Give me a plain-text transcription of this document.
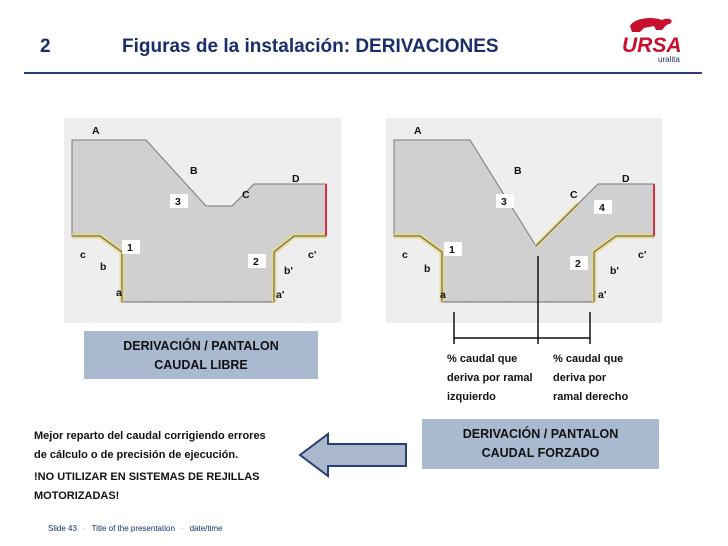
2	Figuras de la instalación: DERIVACIONES	URSA
uralita
A
B
C
D
c
b
a
c'
b'
a'
1
2
3
DERIVACIÓN / PANTALON
CAUDAL LIBRE
A
B
C
D
c
b
a
c'
b'
a'
1
2
3	4
% caudal que
deriva por ramal
izquierdo
% caudal que
deriva por
ramal derecho
DERIVACIÓN / PANTALON
CAUDAL FORZADO
Mejor reparto del caudal corrigiendo errores
de cálculo o de precisión de ejecución.
!NO UTILIZAR EN SISTEMAS DE REJILLAS
MOTORIZADAS!
Slide 43 · Title of the presentation · date/time
